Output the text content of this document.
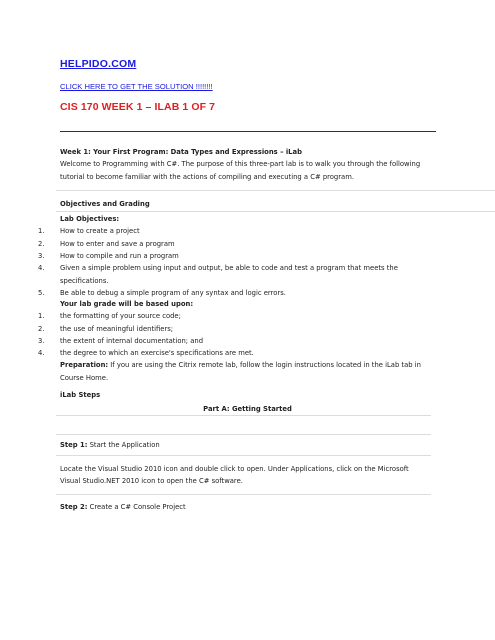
HELPIDO.COM
CLICK HERE TO GET THE SOLUTION !!!!!!!!
CIS 170 WEEK 1 – ILAB 1 OF 7
Week 1: Your First Program: Data Types and Expressions – iLab
Welcome to Programming with C#. The purpose of this three-part lab is to walk you through the following
tutorial to become familiar with the actions of compiling and executing a C# program.
Objectives and Grading
Lab Objectives:
1. How to create a project
2. How to enter and save a program
3. How to compile and run a program
4. Given a simple problem using input and output, be able to code and test a program that meets the
specifications.
5. Be able to debug a simple program of any syntax and logic errors.
Your lab grade will be based upon:
1. the formatting of your source code;
2. the use of meaningful identifiers;
3. the extent of internal documentation; and
4. the degree to which an exercise's specifications are met.
Preparation: If you are using the Citrix remote lab, follow the login instructions located in the iLab tab in
Course Home.
iLab Steps
Part A: Getting Started
Step 1: Start the Application
Locate the Visual Studio 2010 icon and double click to open. Under Applications, click on the Microsoft
Visual Studio.NET 2010 icon to open the C# software.
Step 2: Create a C# Console Project
